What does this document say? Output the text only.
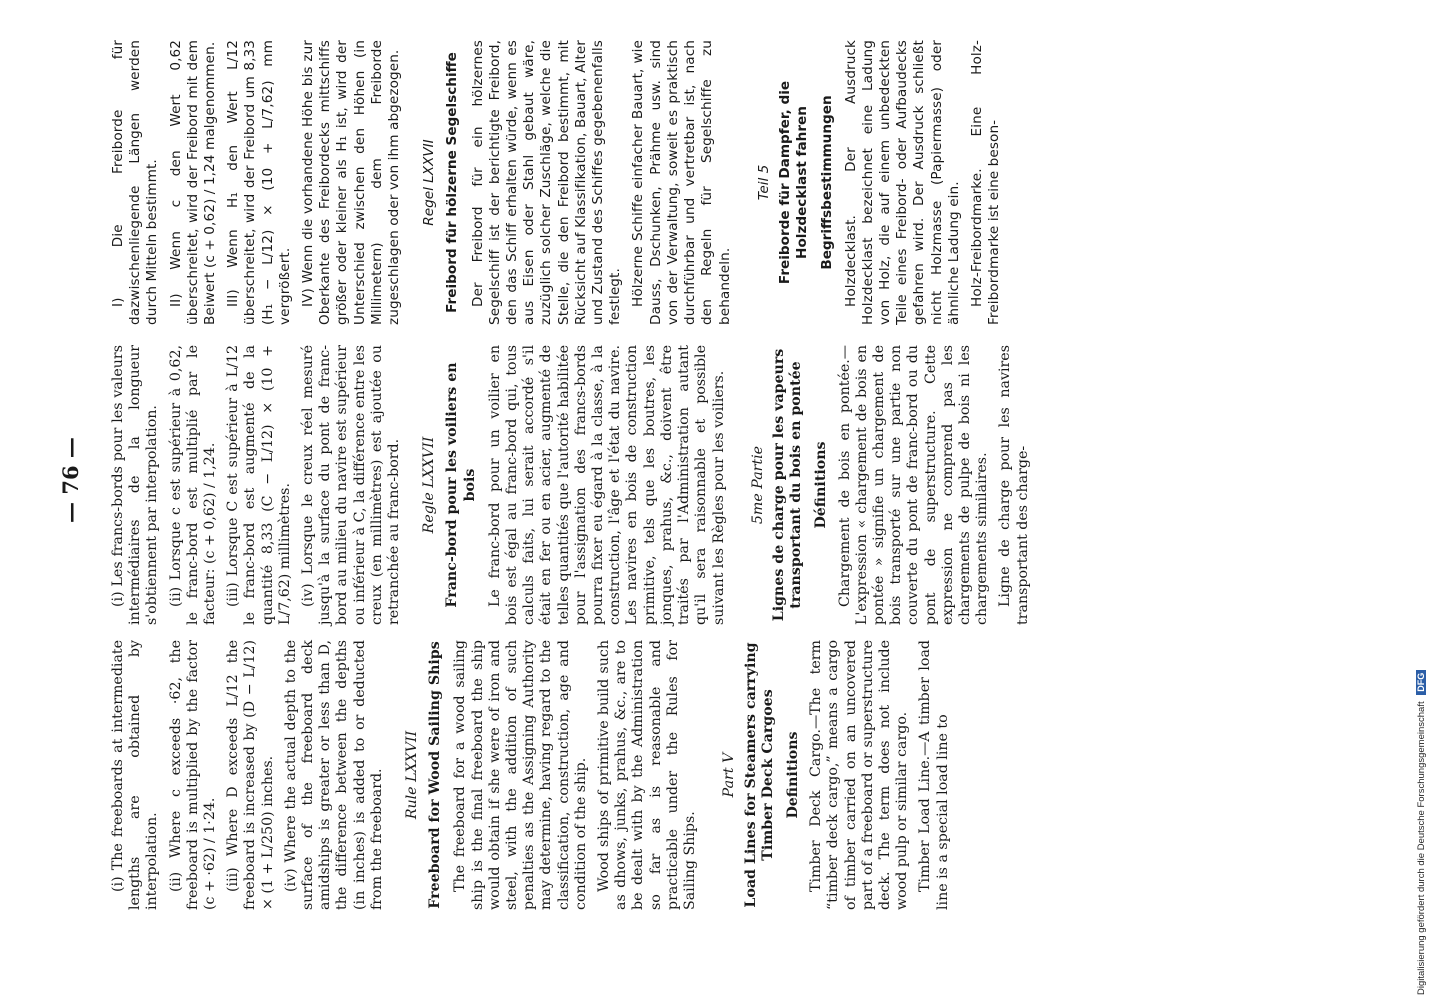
— 76 —

(i) The freeboards at intermediate lengths are obtained by interpolation. (ii) Where c exceeds ·62, the freeboard is multiplied by the factor (c + ·62) / 1·24. (iii) Where D exceeds L/12 the freeboard is increased by (D − L/12) × (1 + L/250) inches. (iv) Where the actual depth to the surface of the freeboard deck amidships is greater or less than D, the difference between the depths (in inches) is added to or deducted from the freeboard. Rule LXXVII Freeboard for Wood Sailing Ships The freeboard for a wood sailing ship is the final freeboard the ship would obtain if she were of iron and steel, with the addition of such penalties as the Assigning Authority may determine, having regard to the classification, construction, age and condition of the ship. Wood ships of primitive build such as dhows, junks, prahus, &c., are to be dealt with by the Administration so far as is reasonable and practicable under the Rules for Sailing Ships.

Part V Load Lines for Steamers carrying Timber Deck Cargoes Definitions Timber Deck Cargo.—The term “timber deck cargo,” means a cargo of timber carried on an uncovered part of a freeboard or superstructure deck. The term does not include wood pulp or similar cargo. Timber Load Line.—A timber load line is a special load line to

(i) Les francs-bords pour les valeurs intermédiaires de la longueur s'obtiennent par interpolation. (ii) Lorsque c est supérieur à 0,62, le franc-bord est multiplié par le facteur: (c + 0,62) / 1,24. (iii) Lorsque C est supérieur à L/12 le franc-bord est augmenté de la quantité 8,33 (C − L/12) × (10 + L/7,62) millimètres. (iv) Lorsque le creux réel mesuré jusqu'à la surface du pont de franc-bord au milieu du navire est supérieur ou inférieur à C, la différence entre les creux (en millimètres) est ajoutée ou retranchée au franc-bord. Regle LXXVII Franc-bord pour les voiliers en bois Le franc-bord pour un voilier en bois est égal au franc-bord qui, tous calculs faits, lui serait accordé s'il était en fer ou en acier, augmenté de telles quantités que l'autorité habilitée pour l'assignation des francs-bords pourra fixer eu égard à la classe, à la construction, l'âge et l'état du navire. Les navires en bois de construction primitive, tels que les boutres, les jonques, prahus, &c., doivent être traités par l'Administration autant qu'il sera raisonnable et possible suivant les Règles pour les voiliers. 5me Partie Lignes de charge pour les vapeurs transportant du bois en pontée Définitions Chargement de bois en pontée.— L'expression « chargement de bois en pontée » signifie un chargement de bois transporté sur une partie non couverte du pont de franc-bord ou du pont de superstructure. Cette expression ne comprend pas les chargements de pulpe de bois ni les chargements similaires. Ligne de charge pour les navires transportant des charge-

I) Die Freiborde für dazwischenliegende Längen werden durch Mitteln bestimmt. II) Wenn c den Wert 0,62 überschreitet, wird der Freibord mit dem Beiwert (c + 0,62) / 1,24 malgenommen. III) Wenn H₁ den Wert L/12 überschreitet, wird der Freibord um 8,33 (H₁ − L/12) × (10 + L/7,62) mm vergrößert. IV) Wenn die vorhandene Höhe bis zur Oberkante des Freibordecks mittschiffs größer oder kleiner als H₁ ist, wird der Unterschied zwischen den Höhen (in Millimetern) dem Freiborde zugeschlagen oder von ihm abgezogen. Regel LXXVII Freibord für hölzerne Segelschiffe Der Freibord für ein hölzernes Segelschiff ist der berichtigte Freibord, den das Schiff erhalten würde, wenn es aus Eisen oder Stahl gebaut wäre, zuzüglich solcher Zuschläge, welche die Stelle, die den Freibord bestimmt, mit Rücksicht auf Klassifikation, Bauart, Alter und Zustand des Schiffes gegebenenfalls festlegt. Hölzerne Schiffe einfacher Bauart, wie Dauss, Dschunken, Prähme usw. sind von der Verwaltung, soweit es praktisch durchführbar und vertretbar ist, nach den Regeln für Segelschiffe zu behandeln.

Teil 5 Freiborde für Dampfer, die Holzdecklast fahren Begriffsbestimmungen Holzdecklast. Der Ausdruck Holzdecklast bezeichnet eine Ladung von Holz, die auf einem unbedeckten Teile eines Freibord- oder Aufbaudecks gefahren wird. Der Ausdruck schließt nicht Holzmasse (Papiermasse) oder ähnliche Ladung ein. Holz-Freibordmarke. Eine Holz-Freibordmarke ist eine beson-

Digitalisierung gefördert durch die Deutsche Forschungsgemeinschaft DFG
